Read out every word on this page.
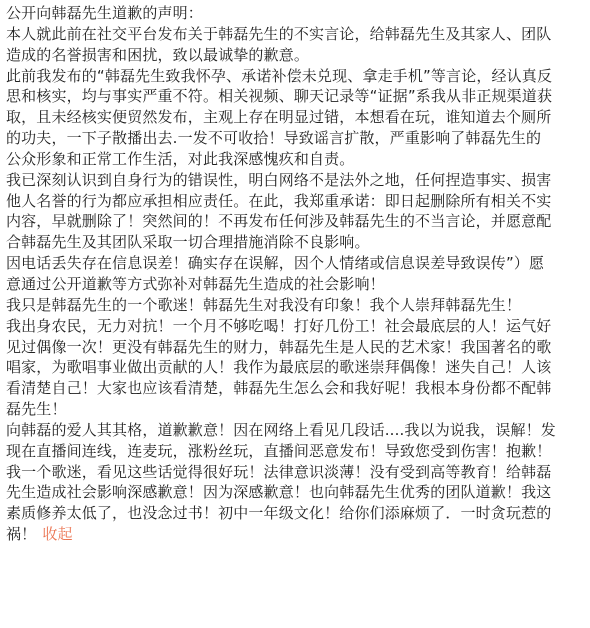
公开向韩磊先生道歉的声明：
本人就此前在社交平台发布关于韩磊先生的不实言论，给韩磊先生及其家人、团队
造成的名誉损害和困扰，致以最诚挚的歉意。
此前我发布的“韩磊先生致我怀孕、承诺补偿未兑现、拿走手机”等言论，经认真反
思和核实，均与事实严重不符。相关视频、聊天记录等“证据”系我从非正规渠道获
取，且未经核实便贸然发布，主观上存在明显过错，本想看在玩，谁知道去个厕所
的功夫，一下子散播出去.一发不可收拾！导致谣言扩散，严重影响了韩磊先生的
公众形象和正常工作生活，对此我深感愧疚和自责。
我已深刻认识到自身行为的错误性，明白网络不是法外之地，任何捏造事实、损害
他人名誉的行为都应承担相应责任。在此，我郑重承诺：即日起删除所有相关不实
内容，早就删除了！突然间的！不再发布任何涉及韩磊先生的不当言论，并愿意配
合韩磊先生及其团队采取一切合理措施消除不良影响。
因电话丢失存在信息误差！确实存在误解，因个人情绪或信息误差导致误传”）愿
意通过公开道歉等方式弥补对韩磊先生造成的社会影响！
我只是韩磊先生的一个歌迷！韩磊先生对我没有印象！我个人崇拜韩磊先生！
我出身农民，无力对抗！一个月不够吃喝！打好几份工！社会最底层的人！运气好
见过偶像一次！更没有韩磊先生的财力，韩磊先生是人民的艺术家！我国著名的歌
唱家，为歌唱事业做出贡献的人！我作为最底层的歌迷崇拜偶像！迷失自己！人该
看清楚自己！大家也应该看清楚，韩磊先生怎么会和我好呢！我根本身份都不配韩
磊先生！
向韩磊的爱人其其格，道歉歉意！因在网络上看见几段话....我以为说我，误解！发
现在直播间连线，连麦玩，涨粉丝玩，直播间恶意发布！导致您受到伤害！抱歉！
我一个歌迷，看见这些话觉得很好玩！法律意识淡薄！没有受到高等教育！给韩磊
先生造成社会影响深感歉意！因为深感歉意！也向韩磊先生优秀的团队道歉！我这
素质修养太低了，也没念过书！初中一年级文化！给你们添麻烦了．一时贪玩惹的
祸！ 收起
